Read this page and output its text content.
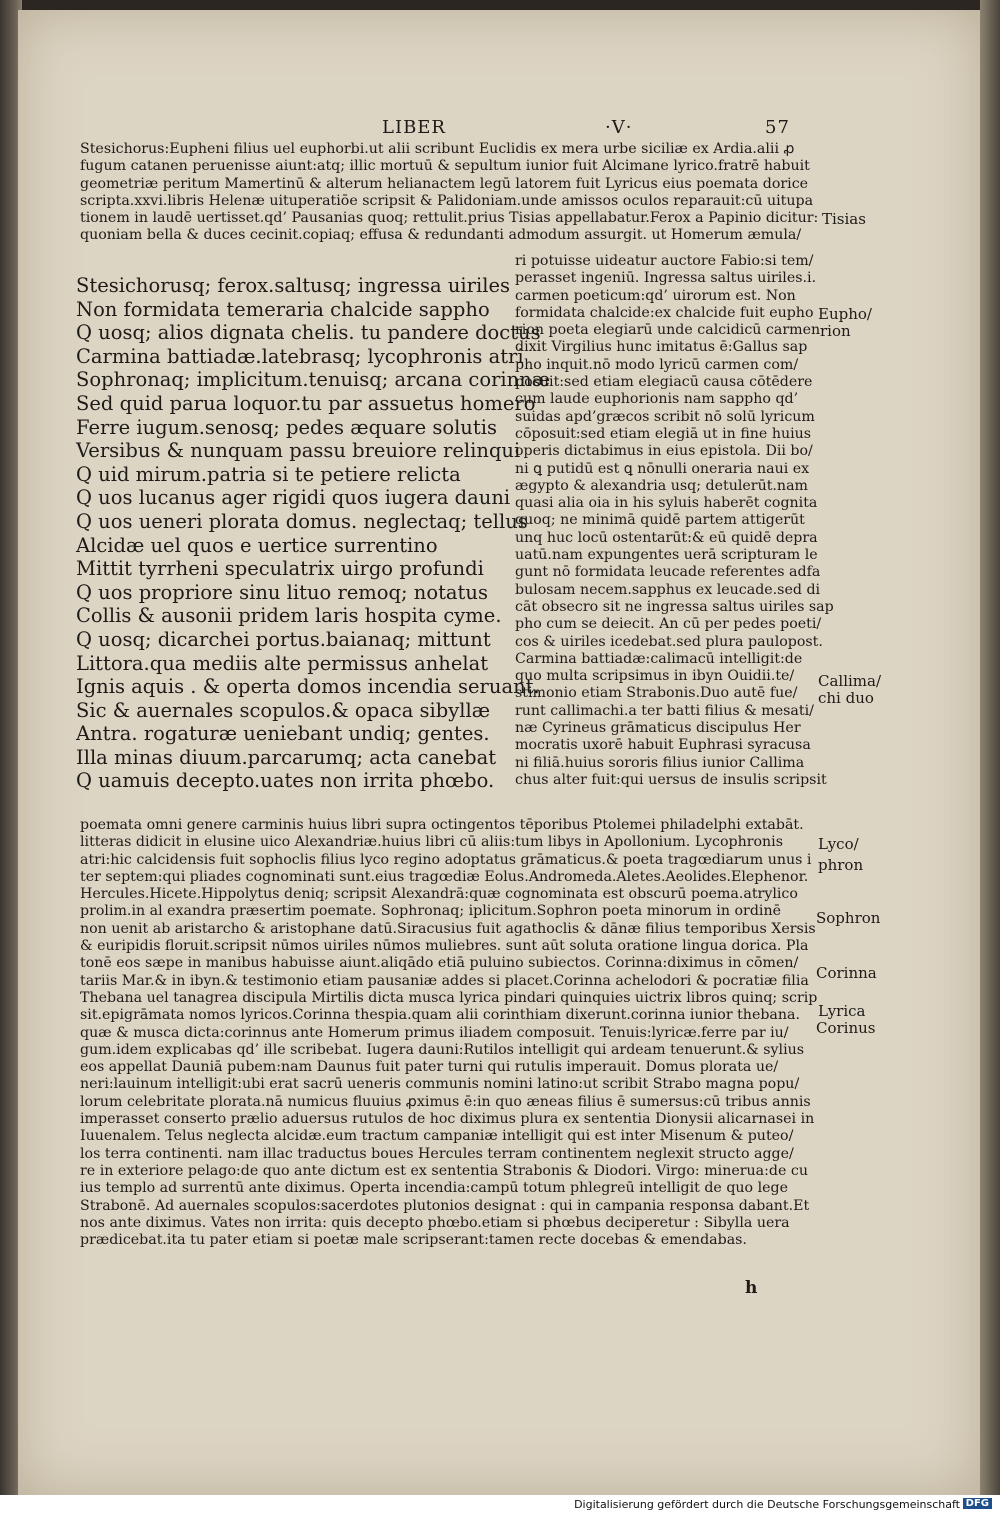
LIBER	·V·	57
Stesichorus:Eupheni filius uel euphorbi.ut alii scribunt Euclidis ex mera urbe siciliæ ex Ardia.alii ꝓ
fugum catanen peruenisse aiunt:atq; illic mortuū & sepultum iunior fuit Alcimane lyrico.fratrē habuit
geometriæ peritum Mamertinū & alterum helianactem legū latorem fuit Lyricus eius poemata dorice
scripta.xxvi.libris Helenæ uituperatiōe scripsit & Palidoniam.unde amissos oculos reparauit:cū uitupa
tionem in laudē uertisset.qd’ Pausanias quoq; rettulit.prius Tisias appellabatur.Ferox a Papinio dicitur:
quoniam bella & duces cecinit.copiaq; effusa & redundanti admodum assurgit. ut Homerum æmula/
Stesichorusq; ferox.saltusq; ingressa uiriles
Non formidata temeraria chalcide sappho
Q uosq; alios dignata chelis. tu pandere doctus
Carmina battiadæ.latebrasq; lycophronis atri
Sophronaq; implicitum.tenuisq; arcana corinnæ
Sed quid parua loquor.tu par assuetus homero
Ferre iugum.senosq; pedes æquare solutis
Versibus & nunquam passu breuiore relinqui
Q uid mirum.patria si te petiere relicta
Q uos lucanus ager rigidi quos iugera dauni
Q uos ueneri plorata domus. neglectaq; tellus
Alcidæ uel quos e uertice surrentino
Mittit tyrrheni speculatrix uirgo profundi
Q uos propriore sinu lituo remoq; notatus
Collis & ausonii pridem laris hospita cyme.
Q uosq; dicarchei portus.baianaq; mittunt
Littora.qua mediis alte permissus anhelat
Ignis aquis . & operta domos incendia seruant.
Sic & auernales scopulos.& opaca sibyllæ
Antra. rogaturæ ueniebant undiq; gentes.
Illa minas diuum.parcarumq; acta canebat
Q uamuis decepto.uates non irrita phœbo.
ri potuisse uideatur auctore Fabio:si tem/
perasset ingeniū. Ingressa saltus uiriles.i.
carmen poeticum:qd’ uirorum est. Non
formidata chalcide:ex chalcide fuit eupho
rion poeta elegiarū unde calcidicū carmen
dixit Virgilius hunc imitatus ē:Gallus sap
pho inquit.nō modo lyricū carmen com/
posuit:sed etiam elegiacū causa cōtēdere
cum laude euphorionis nam sappho qd’
suidas apd’græcos scribit nō solū lyricum
cōposuit:sed etiam elegiā ut in fine huius
operis dictabimus in eius epistola. Dii bo/
ni ꝗ putidū est ꝗ nōnulli oneraria naui ex
ægypto & alexandria usq; detulerūt.nam
quasi alia oia in his syluis haberēt cognita
quoq; ne minimā quidē partem attigerūt
unq huc locū ostentarūt:& eū quidē depra
uatū.nam expungentes uerā scripturam le
gunt nō formidata leucade referentes adfa
bulosam necem.sapphus ex leucade.sed di
cāt obsecro sit ne ingressa saltus uiriles sap
pho cum se deiecit. An cū per pedes poeti/
cos & uiriles icedebat.sed plura paulopost.
Carmina battiadæ:calimacū intelligit:de
quo multa scripsimus in ibyn Ouidii.te/
stimonio etiam Strabonis.Duo autē fue/
runt callimachi.a ter batti filius & mesati/
næ Cyrineus grāmaticus discipulus Her
mocratis uxorē habuit Euphrasi syracusa
ni filiā.huius sororis filius iunior Callima
chus alter fuit:qui uersus de insulis scripsit
poemata omni genere carminis huius libri supra octingentos tēporibus Ptolemei philadelphi extabāt.
litteras didicit in elusine uico Alexandriæ.huius libri cū aliis:tum libys in Apollonium. Lycophronis
atri:hic calcidensis fuit sophoclis filius lyco regino adoptatus grāmaticus.& poeta tragœdiarum unus i
ter septem:qui pliades cognominati sunt.eius tragœdiæ Eolus.Andromeda.Aletes.Aeolides.Elephenor.
Hercules.Hicete.Hippolytus deniq; scripsit Alexandrā:quæ cognominata est obscurū poema.atrylico
prolim.in al exandra præsertim poemate. Sophronaq; iplicitum.Sophron poeta minorum in ordinē
non uenit ab aristarcho & aristophane datū.Siracusius fuit agathoclis & dānæ filius temporibus Xersis
& euripidis floruit.scripsit nūmos uiriles nūmos muliebres. sunt aūt soluta oratione lingua dorica. Pla
tonē eos sæpe in manibus habuisse aiunt.aliqādo etiā puluino subiectos. Corinna:diximus in cōmen/
tariis Mar.& in ibyn.& testimonio etiam pausaniæ addes si placet.Corinna achelodori & pocratiæ filia
Thebana uel tanagrea discipula Mirtilis dicta musca lyrica pindari quinquies uictrix libros quinq; scrip
sit.epigrāmata nomos lyricos.Corinna thespia.quam alii corinthiam dixerunt.corinna iunior thebana.
quæ & musca dicta:corinnus ante Homerum primus iliadem composuit. Tenuis:lyricæ.ferre par iu/
gum.idem explicabas qd’ ille scribebat. Iugera dauni:Rutilos intelligit qui ardeam tenuerunt.& sylius
eos appellat Dauniā pubem:nam Daunus fuit pater turni qui rutulis imperauit. Domus plorata ue/
neri:lauinum intelligit:ubi erat sacrū ueneris communis nomini latino:ut scribit Strabo magna popu/
lorum celebritate plorata.nā numicus fluuius ꝓximus ē:in quo æneas filius ē sumersus:cū tribus annis
imperasset conserto prælio aduersus rutulos de hoc diximus plura ex sententia Dionysii alicarnasei in
Iuuenalem. Telus neglecta alcidæ.eum tractum campaniæ intelligit qui est inter Misenum & puteo/
los terra continenti. nam illac traductus boues Hercules terram continentem neglexit structo agge/
re in exteriore pelago:de quo ante dictum est ex sententia Strabonis & Diodori. Virgo: minerua:de cu
ius templo ad surrentū ante diximus. Operta incendia:campū totum phlegreū intelligit de quo lege
Strabonē. Ad auernales scopulos:sacerdotes plutonios designat : qui in campania responsa dabant.Et
nos ante diximus. Vates non irrita: quis decepto phœbo.etiam si phœbus deciperetur : Sibylla uera
prædicebat.ita tu pater etiam si poetæ male scripserant:tamen recte docebas & emendabas.
Tisias
Eupho/
rion
Callima/
chi duo
Lyco/
phron
Sophron
Corinna
Lyrica
Corinus
h
Digitalisierung gefördert durch die Deutsche Forschungsgemeinschaft DFG
